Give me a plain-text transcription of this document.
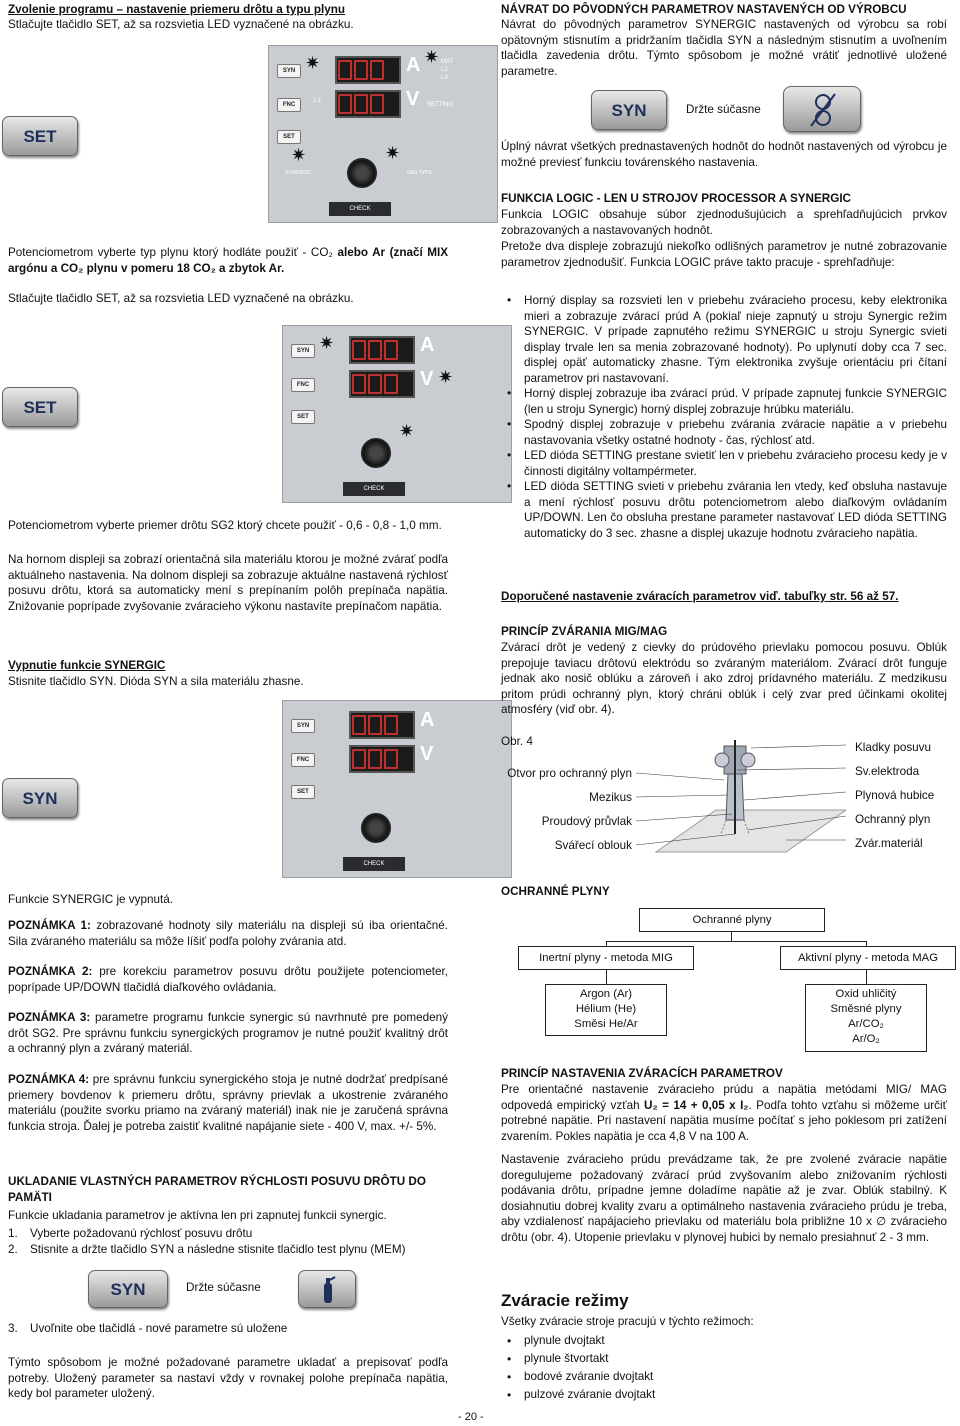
Zvolenie programu – nastavenie priemeru drôtu a typu plynu

Stlačujte tlačidlo SET, až sa rozsvietia LED vyznačené na obrázku.

SYN ✷	A ✷ MAT
L2
L3
FNC
1.1	V SETTING
SET
✷	✷
SYNERGIC	GAS TYPE
CHECK
SET

Potenciometrom vyberte typ plynu ktorý hodláte použiť - CO₂ alebo Ar (značí MIX argónu a CO₂ plynu v pomeru 18 CO₂ a zbytok Ar.

Stlačujte tlačidlo SET, až sa rozsvietia LED vyznačené na obrázku.

SYN ✷	A
FNC	V ✷
SET
✷
CHECK
SET

Potenciometrom vyberte priemer drôtu SG2 ktorý chcete použiť - 0,6 - 0,8 - 1,0 mm.

Na hornom displeji sa zobrazí orientačná sila materiálu ktorou je možné zvárať podľa aktuálneho nastavenia. Na dolnom displeji sa zobrazuje aktuálne nastavená rýchlosť posuvu drôtu, ktorá sa automaticky mení s prepínaním polôh prepínača napätia. Znižovanie poprípade zvyšovanie zváracieho výkonu nastavíte prepínačom napätia.

Vypnutie funkcie SYNERGIC

Stisnite tlačidlo SYN. Dióda SYN a sila materiálu zhasne.

SYN	A
FNC	V
SET
CHECK
SYN

Funkcie SYNERGIC je vypnutá.

POZNÁMKA 1: zobrazované hodnoty sily materiálu na displeji sú iba orientačné. Sila zváraného materiálu sa môže líšiť podľa polohy zvárania atd.

POZNÁMKA 2: pre korekciu parametrov posuvu drôtu použijete potenciometer, poprípade UP/DOWN tlačidlá diaľkového ovládania.

POZNÁMKA 3: parametre programu funkcie synergic sú navrhnuté pre pomedený drôt SG2. Pre správnu funkciu synergických programov je nutné použiť kvalitný drôt a ochranný plyn a zváraný materiál.

POZNÁMKA 4: pre správnu funkciu synergického stoja je nutné dodržať predpísané priemery bovdenov k priemeru drôtu, správny prievlak a ukostrenie zváraného materiálu (použite svorku priamo na zváraný materiál) inak nie je zaručená správna funkcia stroja. Ďalej je potreba zaistiť kvalitné napájanie siete - 400 V, max. +/- 5%.

UKLADANIE VLASTNÝCH PARAMETROV RÝCHLOSTI POSUVU DRÔTU DO PAMÄTI

Funkcie ukladania parametrov je aktívna len pri zapnutej funkcii synergic.

1. Vyberte požadovanú rýchlosť posuvu drôtu

2. Stisnite a držte tlačidlo SYN a následne stisnite tlačidlo test plynu (MEM)

SYN	Držte súčasne

3. Uvoľnite obe tlačidlá - nové parametre sú uložene

Týmto spôsobom je možné požadované parametre ukladať a prepisovať podľa potreby. Uložený parameter sa nastaví vždy v rovnakej polohe prepínača napätia, kedy bol parameter uložený.

- 20 -

NÁVRAT DO PÔVODNÝCH PARAMETROV NASTAVENÝCH OD VÝROBCU

Návrat do pôvodných parametrov SYNERGIC nastavených od výrobcu sa robí opätovným stisnutím a pridržaním tlačidla SYN a následným stisnutím a uvoľnením tlačidla zavedenia drôtu. Týmto spôsobom je možné vrátiť jednotlivé uložené parametre.

SYN	Držte súčasne

Úplný návrat všetkých prednastavených hodnôt do hodnôt nastavených od výrobcu je možné previesť funkciu továrenského nastavenia.

FUNKCIA LOGIC - LEN U STROJOV PROCESSOR A SYNERGIC

Funkcia LOGIC obsahuje súbor zjednodušujúcich a sprehľadňujúcich prvkov zobrazovaných a nastavovaných hodnôt.

Pretože dva displeje zobrazujú niekoľko odlišných parametrov je nutné zobrazovanie parametrov zjednodušiť. Funkcia LOGIC práve takto pracuje - sprehľadňuje:

• Horný display sa rozsvieti len v priebehu zváracieho procesu, keby elektronika mieri a zobrazuje zvárací prúd A (pokiaľ nieje zapnutý u stroju Synergic režim SYNERGIC. V prípade zapnutého režimu SYNERGIC u stroju Synergic svieti display trvale len sa menia zobrazované hodnoty). Po uplynutí doby cca 7 sec. displej opäť automaticky zhasne. Tým elektronika zvyšuje orientáciu pri čítaní parametrov pri nastavovaní.
• Horný displej zobrazuje iba zvárací prúd. V prípade zapnutej funkcie SYNERGIC (len u stroju Synergic) horný displej zobrazuje hrúbku materiálu.
• Spodný displej zobrazuje v priebehu zvárania zváracie napätie a v priebehu nastavovania všetky ostatné hodnoty - čas, rýchlosť atd.
• LED dióda SETTING prestane svietiť len v priebehu zváracieho procesu kedy je v činnosti digitálny voltampérmeter.
• LED dióda SETTING svieti v priebehu zvárania len vtedy, keď obsluha nastavuje a mení rýchlosť posuvu drôtu potenciometrom alebo diaľkovým ovládaním UP/DOWN. Len čo obsluha prestane parameter nastavovať LED dióda SETTING automaticky do 3 sec. zhasne a displej ukazuje hodnotu zváracieho napätia.

Doporučené nastavenie zváracích parametrov viď. tabuľky str. 56 až 57.

PRINCÍP ZVÁRANIA MIG/MAG

Zvárací drôt je vedený z cievky do prúdového prievlaku pomocou posuvu. Oblúk prepojuje taviacu drôtovú elektródu so zváraným materiálom. Zvárací drôt funguje jednak ako nosič oblúku a zároveň i ako zdroj prídavného materiálu. Z medzikusu pritom prúdi ochranný plyn, ktorý chráni oblúk i celý zvar pred účinkami okolitej atmosféry (viď obr. 4).

Obr. 4
Otvor pro ochranný plyn
Mezikus
Proudový průvlak
Svářecí oblouk
Kladky posuvu
Sv.elektroda
Plynová hubice
Ochranný plyn
Zvár.materiál

OCHRANNÉ PLYNY

Ochranné plyny
Inertní plyny - metoda MIG	Aktivní plyny - metoda MAG
Argon (Ar)
Hélium (He)
Směsi He/Ar
Oxid uhličitý
Směsné plyny
Ar/CO₂
Ar/O₂

PRINCÍP NASTAVENIA ZVÁRACÍCH PARAMETROV

Pre orientačné nastavenie zváracieho prúdu a napätia metódami MIG/ MAG odpovedá empirický vzťah U₂ = 14 + 0,05 x I₂. Podľa tohto vzťahu si môžeme určiť potrebné napätie. Pri nastavení napätia musíme počítať s jeho poklesom pri zatížení zvarením. Pokles napätia je cca 4,8 V na 100 A.

Nastavenie zváracieho prúdu prevádzame tak, že pre zvolené zváracie napätie doregulujeme požadovaný zvárací prúd zvyšovaním alebo znižovaním rýchlosti podávania drôtu, prípadne jemne doladíme napätie až je zvar. Oblúk stabilný. K dosiahnutiu dobrej kvality zvaru a optimálneho nastavenia zváracieho prúdu je treba, aby vzdialenosť napájacieho prievlaku od materiálu bola približne 10 x ∅ zváracieho drôtu (obr. 4). Utopenie prievlaku v plynovej hubici by nemalo presiahnuť 2 - 3 mm.

Zváracie režimy

Všetky zváracie stroje pracujú v týchto režimoch:

• plynule dvojtakt
• plynule štvortakt
• bodové zváranie dvojtakt
• pulzové zváranie dvojtakt
